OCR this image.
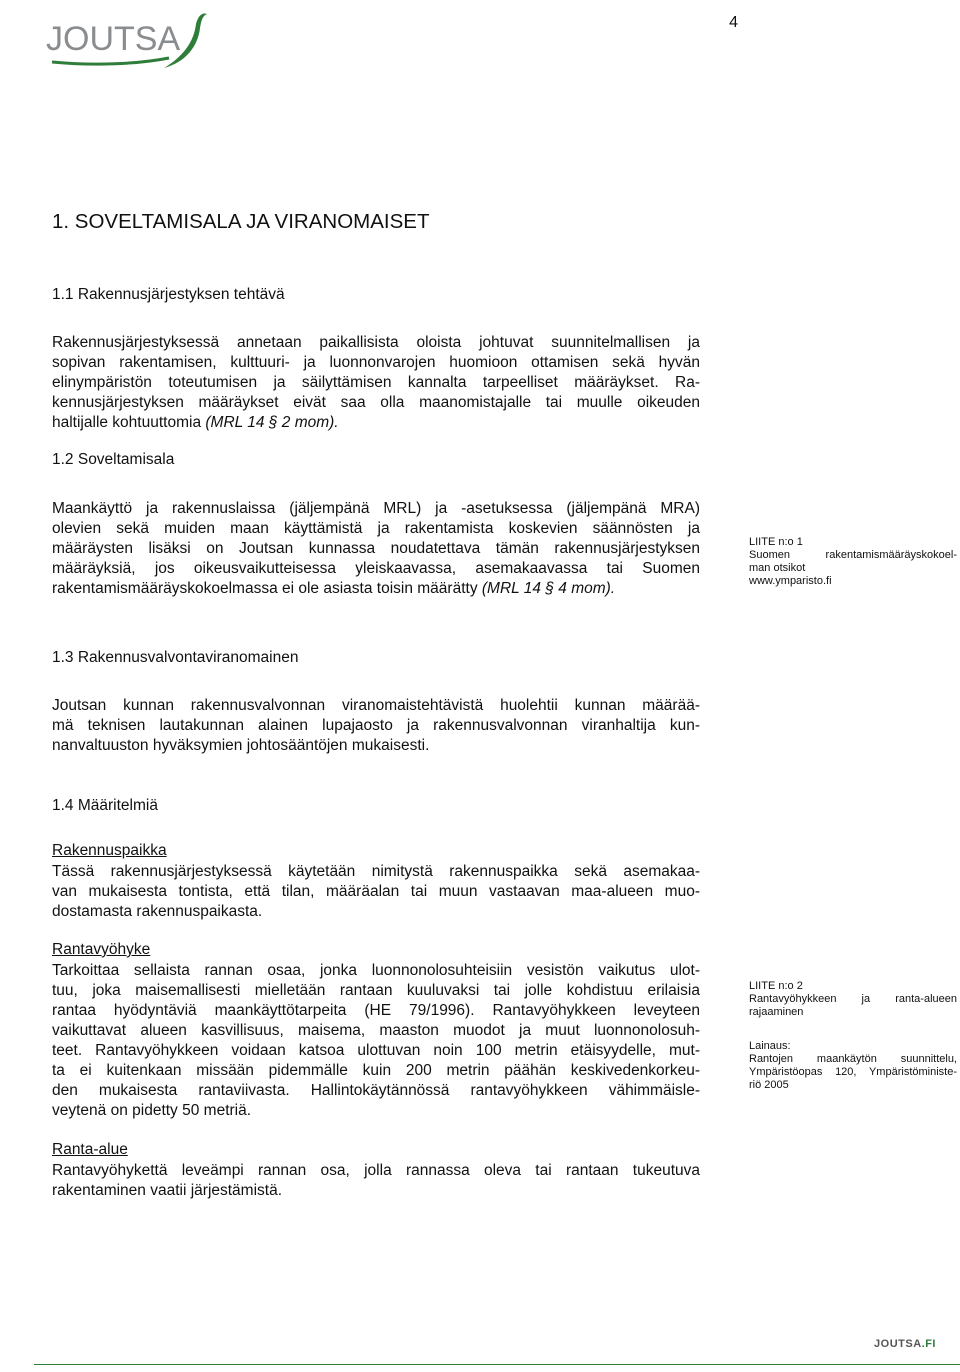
JOUTSA	4
1. SOVELTAMISALA JA VIRANOMAISET
1.1 Rakennusjärjestyksen tehtävä
Rakennusjärjestyksessä annetaan paikallisista oloista johtuvat suunnitelmallisen ja
sopivan rakentamisen, kulttuuri- ja luonnonvarojen huomioon ottamisen sekä hyvän
elinympäristön toteutumisen ja säilyttämisen kannalta tarpeelliset määräykset. Ra-
kennusjärjestyksen määräykset eivät saa olla maanomistajalle tai muulle oikeuden
haltijalle kohtuuttomia (MRL 14 § 2 mom).
1.2 Soveltamisala
Maankäyttö ja rakennuslaissa (jäljempänä MRL) ja -asetuksessa (jäljempänä MRA)
olevien sekä muiden maan käyttämistä ja rakentamista koskevien säännösten ja
määräysten lisäksi on Joutsan kunnassa noudatettava tämän rakennusjärjestyksen
määräyksiä, jos oikeusvaikutteisessa yleiskaavassa, asemakaavassa tai Suomen
rakentamismääräyskokoelmassa ei ole asiasta toisin määrätty (MRL 14 § 4 mom).
LIITE n:o 1
Suomen rakentamismääräyskokoel-
man otsikot
www.ymparisto.fi
1.3 Rakennusvalvontaviranomainen
Joutsan kunnan rakennusvalvonnan viranomaistehtävistä huolehtii kunnan määrää-
mä teknisen lautakunnan alainen lupajaosto ja rakennusvalvonnan viranhaltija kun-
nanvaltuuston hyväksymien johtosääntöjen mukaisesti.
1.4 Määritelmiä
Rakennuspaikka
Tässä rakennusjärjestyksessä käytetään nimitystä rakennuspaikka sekä asemakaa-
van mukaisesta tontista, että tilan, määräalan tai muun vastaavan maa-alueen muo-
dostamasta rakennuspaikasta.
Rantavyöhyke
Tarkoittaa sellaista rannan osaa, jonka luonnonolosuhteisiin vesistön vaikutus ulot-
tuu, joka maisemallisesti mielletään rantaan kuuluvaksi tai jolle kohdistuu erilaisia
rantaa hyödyntäviä maankäyttötarpeita (HE 79/1996). Rantavyöhykkeen leveyteen
vaikuttavat alueen kasvillisuus, maisema, maaston muodot ja muut luonnonolosuh-
teet. Rantavyöhykkeen voidaan katsoa ulottuvan noin 100 metrin etäisyydelle, mut-
ta ei kuitenkaan missään pidemmälle kuin 200 metrin päähän keskivedenkorkeu-
den mukaisesta rantaviivasta. Hallintokäytännössä rantavyöhykkeen vähimmäisle-
veytenä on pidetty 50 metriä.
LIITE n:o 2
Rantavyöhykkeen ja ranta-alueen
rajaaminen
Lainaus:
Rantojen maankäytön suunnittelu,
Ympäristöopas 120, Ympäristöministe-
riö 2005
Ranta-alue
Rantavyöhykettä leveämpi rannan osa, jolla rannassa oleva tai rantaan tukeutuva
rakentaminen vaatii järjestämistä.
JOUTSA.FI
